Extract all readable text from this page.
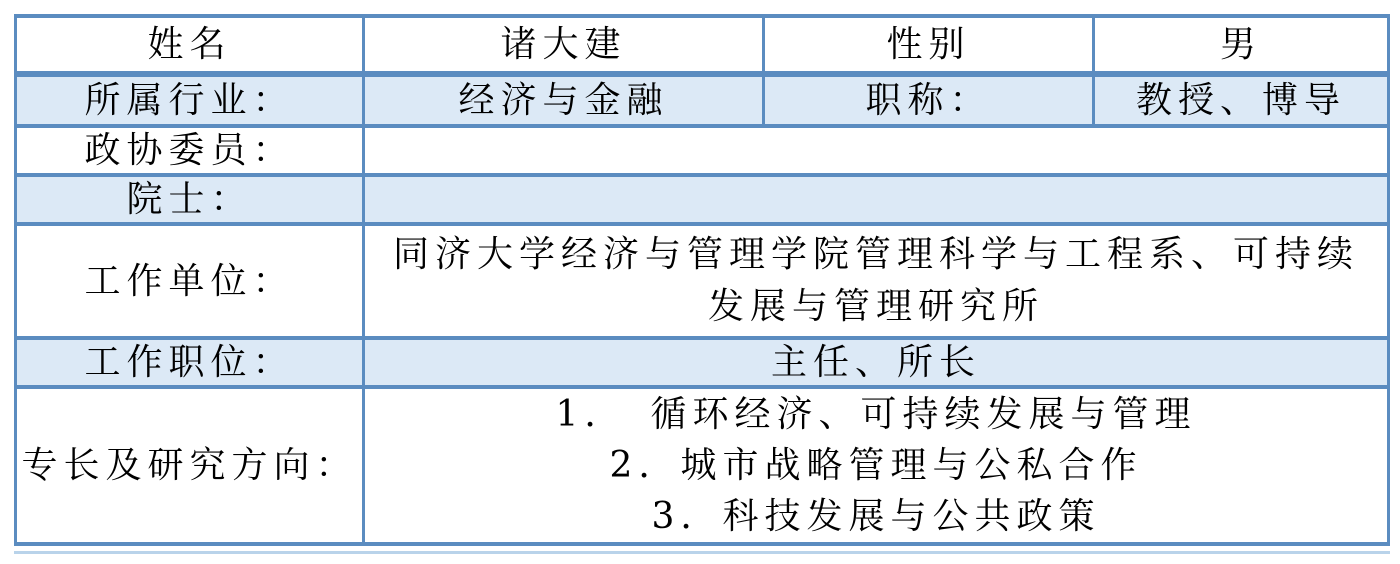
姓名	诸大建	性别	男
所属行业：	经济与金融	职称：	教授、博导
政协委员：			
院士：			
工作单位：	同济大学经济与管理学院管理科学与工程系、可持续发展与管理研究所		
工作职位：	主任、所长		
专长及研究方向：	1．　循环经济、可持续发展与管理
2．城市战略管理与公私合作
3．科技发展与公共政策		
